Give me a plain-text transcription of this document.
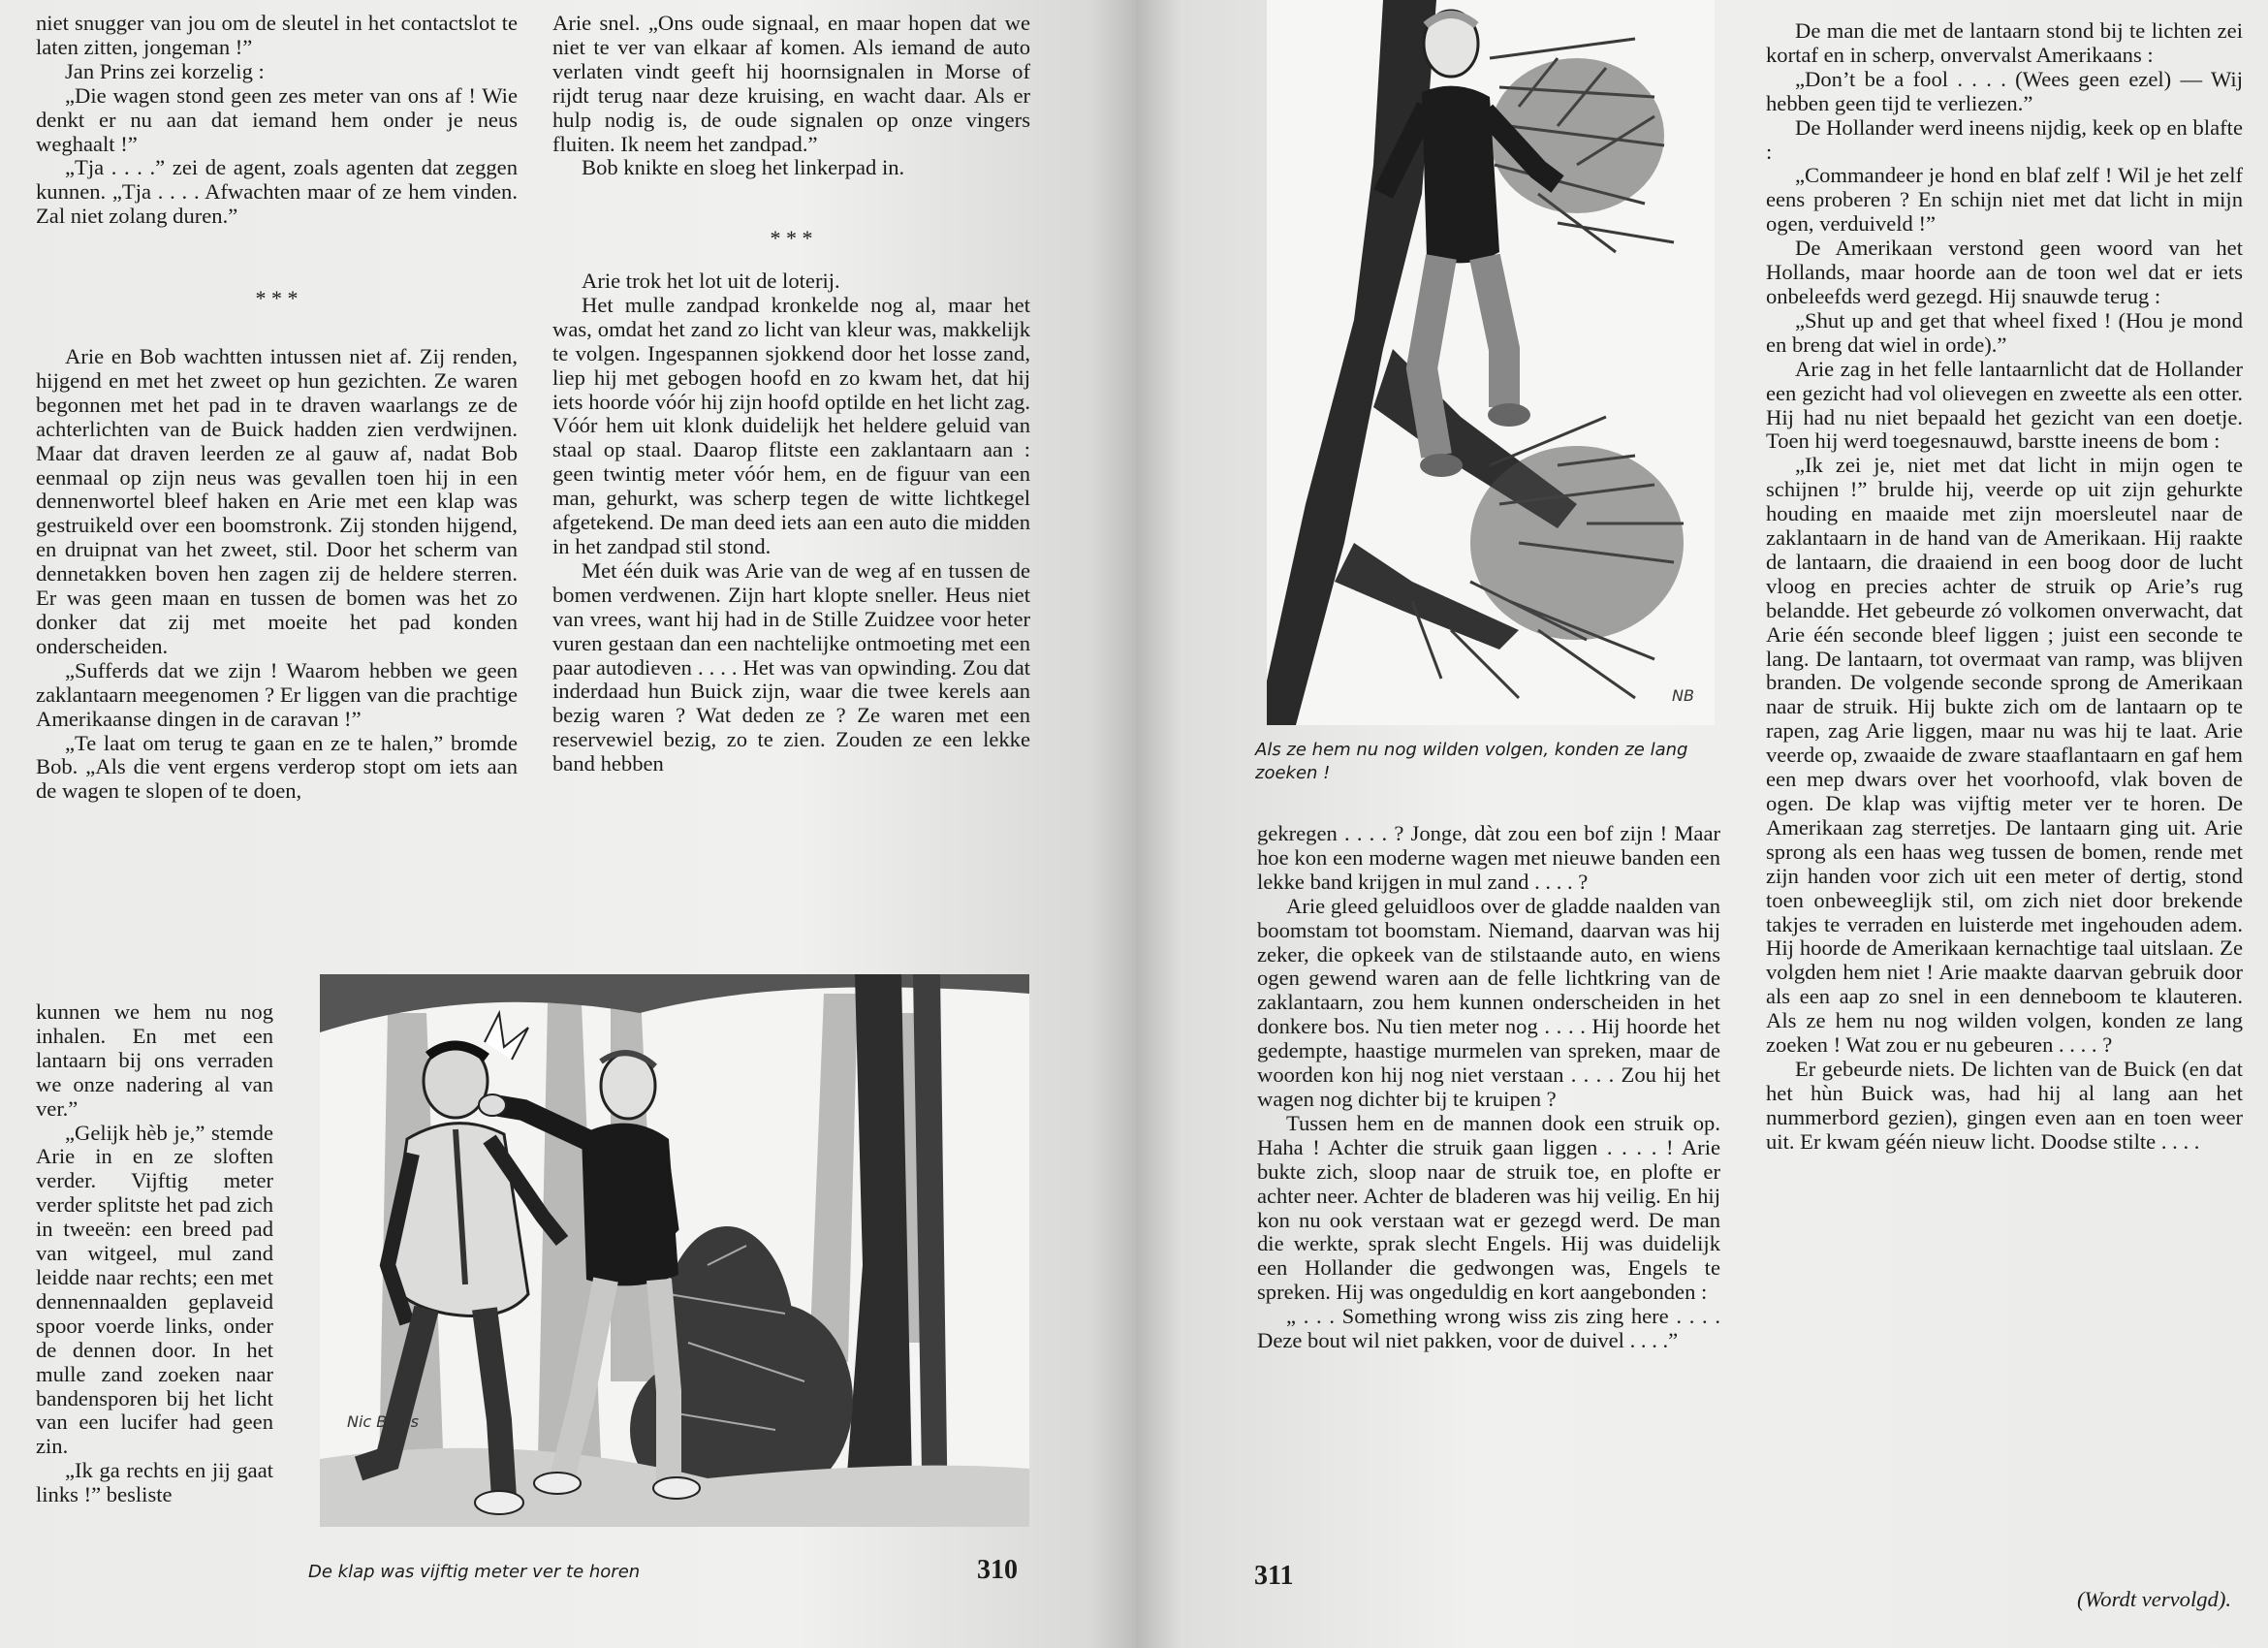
niet snugger van jou om de sleutel in het contactslot te laten zitten, jongeman !”

Jan Prins zei korzelig :

„Die wagen stond geen zes meter van ons af ! Wie denkt er nu aan dat iemand hem onder je neus weghaalt !”

„Tja . . . .” zei de agent, zoals agenten dat zeggen kunnen. „Tja . . . . Afwachten maar of ze hem vinden. Zal niet zolang duren.”

* * *

Arie en Bob wachtten intussen niet af. Zij renden, hijgend en met het zweet op hun gezichten. Ze waren begonnen met het pad in te draven waarlangs ze de achterlichten van de Buick hadden zien verdwijnen. Maar dat draven leerden ze al gauw af, nadat Bob eenmaal op zijn neus was gevallen toen hij in een dennenwortel bleef haken en Arie met een klap was gestruikeld over een boomstronk. Zij stonden hijgend, en druipnat van het zweet, stil. Door het scherm van dennetakken boven hen zagen zij de heldere sterren. Er was geen maan en tussen de bomen was het zo donker dat zij met moeite het pad konden onderscheiden.

„Sufferds dat we zijn ! Waarom hebben we geen zaklantaarn meegenomen ? Er liggen van die prachtige Amerikaanse dingen in de caravan !”

„Te laat om terug te gaan en ze te halen,” bromde Bob. „Als die vent ergens verderop stopt om iets aan de wagen te slopen of te doen,

kunnen we hem nu nog inhalen. En met een lantaarn bij ons verraden we onze nadering al van ver.”

„Gelijk hèb je,” stemde Arie in en ze sloften verder. Vijftig meter verder splitste het pad zich in tweeën: een breed pad van witgeel, mul zand leidde naar rechts; een met dennennaalden geplaveid spoor voerde links, onder de dennen door. In het mulle zand zoeken naar bandensporen bij het licht van een lucifer had geen zin.

„Ik ga rechts en jij gaat links !” besliste

Arie snel. „Ons oude signaal, en maar hopen dat we niet te ver van elkaar af komen. Als iemand de auto verlaten vindt geeft hij hoornsignalen in Morse of rijdt terug naar deze kruising, en wacht daar. Als er hulp nodig is, de oude signalen op onze vingers fluiten. Ik neem het zandpad.”

Bob knikte en sloeg het linkerpad in.

* * *

Arie trok het lot uit de loterij.

Het mulle zandpad kronkelde nog al, maar het was, omdat het zand zo licht van kleur was, makkelijk te volgen. Ingespannen sjokkend door het losse zand, liep hij met gebogen hoofd en zo kwam het, dat hij iets hoorde vóór hij zijn hoofd optilde en het licht zag. Vóór hem uit klonk duidelijk het heldere geluid van staal op staal. Daarop flitste een zaklantaarn aan : geen twintig meter vóór hem, en de figuur van een man, gehurkt, was scherp tegen de witte lichtkegel afgetekend. De man deed iets aan een auto die midden in het zandpad stil stond.

Met één duik was Arie van de weg af en tussen de bomen verdwenen. Zijn hart klopte sneller. Heus niet van vrees, want hij had in de Stille Zuidzee voor heter vuren gestaan dan een nachtelijke ontmoeting met een paar autodieven . . . . Het was van opwinding. Zou dat inderdaad hun Buick zijn, waar die twee kerels aan bezig waren ? Wat deden ze ? Ze waren met een reservewiel bezig, zo te zien. Zouden ze een lekke band hebben

Nic Blans
De klap was vijftig meter ver te horen	310
NB
Als ze hem nu nog wilden volgen, konden ze lang zoeken !

gekregen . . . . ? Jonge, dàt zou een bof zijn ! Maar hoe kon een moderne wagen met nieuwe banden een lekke band krijgen in mul zand . . . . ?

Arie gleed geluidloos over de gladde naalden van boomstam tot boomstam. Niemand, daarvan was hij zeker, die opkeek van de stilstaande auto, en wiens ogen gewend waren aan de felle lichtkring van de zaklantaarn, zou hem kunnen onderscheiden in het donkere bos. Nu tien meter nog . . . . Hij hoorde het gedempte, haastige murmelen van spreken, maar de woorden kon hij nog niet verstaan . . . . Zou hij het wagen nog dichter bij te kruipen ?

Tussen hem en de mannen dook een struik op. Haha ! Achter die struik gaan liggen . . . . ! Arie bukte zich, sloop naar de struik toe, en plofte er achter neer. Achter de bladeren was hij veilig. En hij kon nu ook verstaan wat er gezegd werd. De man die werkte, sprak slecht Engels. Hij was duidelijk een Hollander die gedwongen was, Engels te spreken. Hij was ongeduldig en kort aangebonden :

„ . . . Something wrong wiss zis zing here . . . . Deze bout wil niet pakken, voor de duivel . . . .”

De man die met de lantaarn stond bij te lichten zei kortaf en in scherp, onvervalst Amerikaans :

„Don’t be a fool . . . . (Wees geen ezel) — Wij hebben geen tijd te verliezen.”

De Hollander werd ineens nijdig, keek op en blafte :

„Commandeer je hond en blaf zelf ! Wil je het zelf eens proberen ? En schijn niet met dat licht in mijn ogen, verduiveld !”

De Amerikaan verstond geen woord van het Hollands, maar hoorde aan de toon wel dat er iets onbeleefds werd gezegd. Hij snauwde terug :

„Shut up and get that wheel fixed ! (Hou je mond en breng dat wiel in orde).”

Arie zag in het felle lantaarnlicht dat de Hollander een gezicht had vol olievegen en zweette als een otter. Hij had nu niet bepaald het gezicht van een doetje. Toen hij werd toegesnauwd, barstte ineens de bom :

„Ik zei je, niet met dat licht in mijn ogen te schijnen !” brulde hij, veerde op uit zijn gehurkte houding en maaide met zijn moersleutel naar de zaklantaarn in de hand van de Amerikaan. Hij raakte de lantaarn, die draaiend in een boog door de lucht vloog en precies achter de struik op Arie’s rug belandde. Het gebeurde zó volkomen onverwacht, dat Arie één seconde bleef liggen ; juist een seconde te lang. De lantaarn, tot overmaat van ramp, was blijven branden. De volgende seconde sprong de Amerikaan naar de struik. Hij bukte zich om de lantaarn op te rapen, zag Arie liggen, maar nu was hij te laat. Arie veerde op, zwaaide de zware staaflantaarn en gaf hem een mep dwars over het voorhoofd, vlak boven de ogen. De klap was vijftig meter ver te horen. De Amerikaan zag sterretjes. De lantaarn ging uit. Arie sprong als een haas weg tussen de bomen, rende met zijn handen voor zich uit een meter of dertig, stond toen onbeweeglijk stil, om zich niet door brekende takjes te verraden en luisterde met ingehouden adem. Hij hoorde de Amerikaan kernachtige taal uitslaan. Ze volgden hem niet ! Arie maakte daarvan gebruik door als een aap zo snel in een denneboom te klauteren. Als ze hem nu nog wilden volgen, konden ze lang zoeken ! Wat zou er nu gebeuren . . . . ?

Er gebeurde niets. De lichten van de Buick (en dat het hùn Buick was, had hij al lang aan het nummerbord gezien), gingen even aan en toen weer uit. Er kwam géén nieuw licht. Doodse stilte . . . .

(Wordt vervolgd).

311
